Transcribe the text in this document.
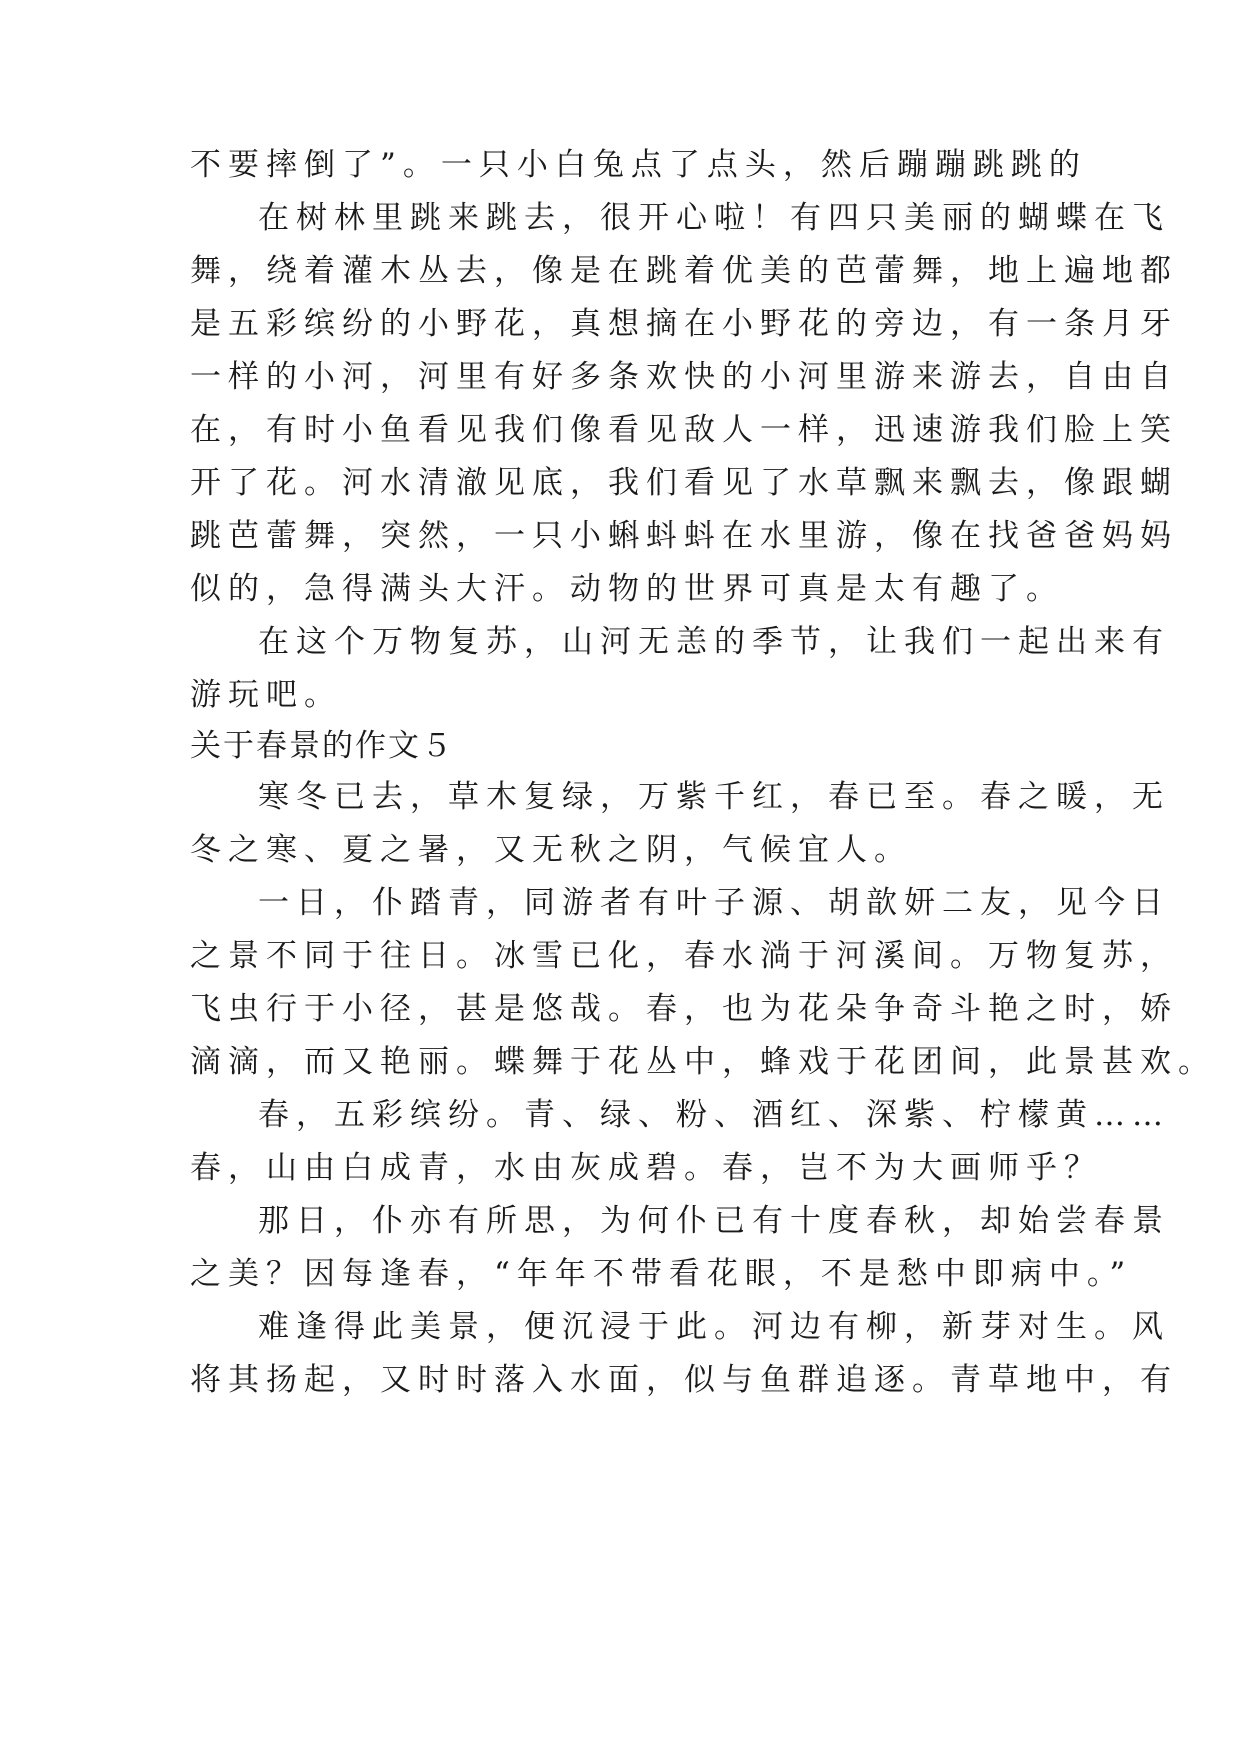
不要摔倒了”。一只小白兔点了点头，然后蹦蹦跳跳的
在树林里跳来跳去，很开心啦！有四只美丽的蝴蝶在飞
舞，绕着灌木丛去，像是在跳着优美的芭蕾舞，地上遍地都
是五彩缤纷的小野花，真想摘在小野花的旁边，有一条月牙
一样的小河，河里有好多条欢快的小河里游来游去，自由自
在，有时小鱼看见我们像看见敌人一样，迅速游我们脸上笑
开了花。河水清澈见底，我们看见了水草飘来飘去，像跟蝴
跳芭蕾舞，突然，一只小蝌蚪蚪在水里游，像在找爸爸妈妈
似的，急得满头大汗。动物的世界可真是太有趣了。
在这个万物复苏，山河无恙的季节，让我们一起出来有
游玩吧。
关于春景的作文５
寒冬已去，草木复绿，万紫千红，春已至。春之暖，无
冬之寒、夏之暑，又无秋之阴，气候宜人。
一日，仆踏青，同游者有叶子源、胡歆妍二友，见今日
之景不同于往日。冰雪已化，春水淌于河溪间。万物复苏，
飞虫行于小径，甚是悠哉。春，也为花朵争奇斗艳之时，娇
滴滴，而又艳丽。蝶舞于花丛中，蜂戏于花团间，此景甚欢。
春，五彩缤纷。青、绿、粉、酒红、深紫、柠檬黄……
春，山由白成青，水由灰成碧。春，岂不为大画师乎？
那日，仆亦有所思，为何仆已有十度春秋，却始尝春景
之美？因每逢春，“年年不带看花眼，不是愁中即病中。”
难逢得此美景，便沉浸于此。河边有柳，新芽对生。风
将其扬起，又时时落入水面，似与鱼群追逐。青草地中，有
